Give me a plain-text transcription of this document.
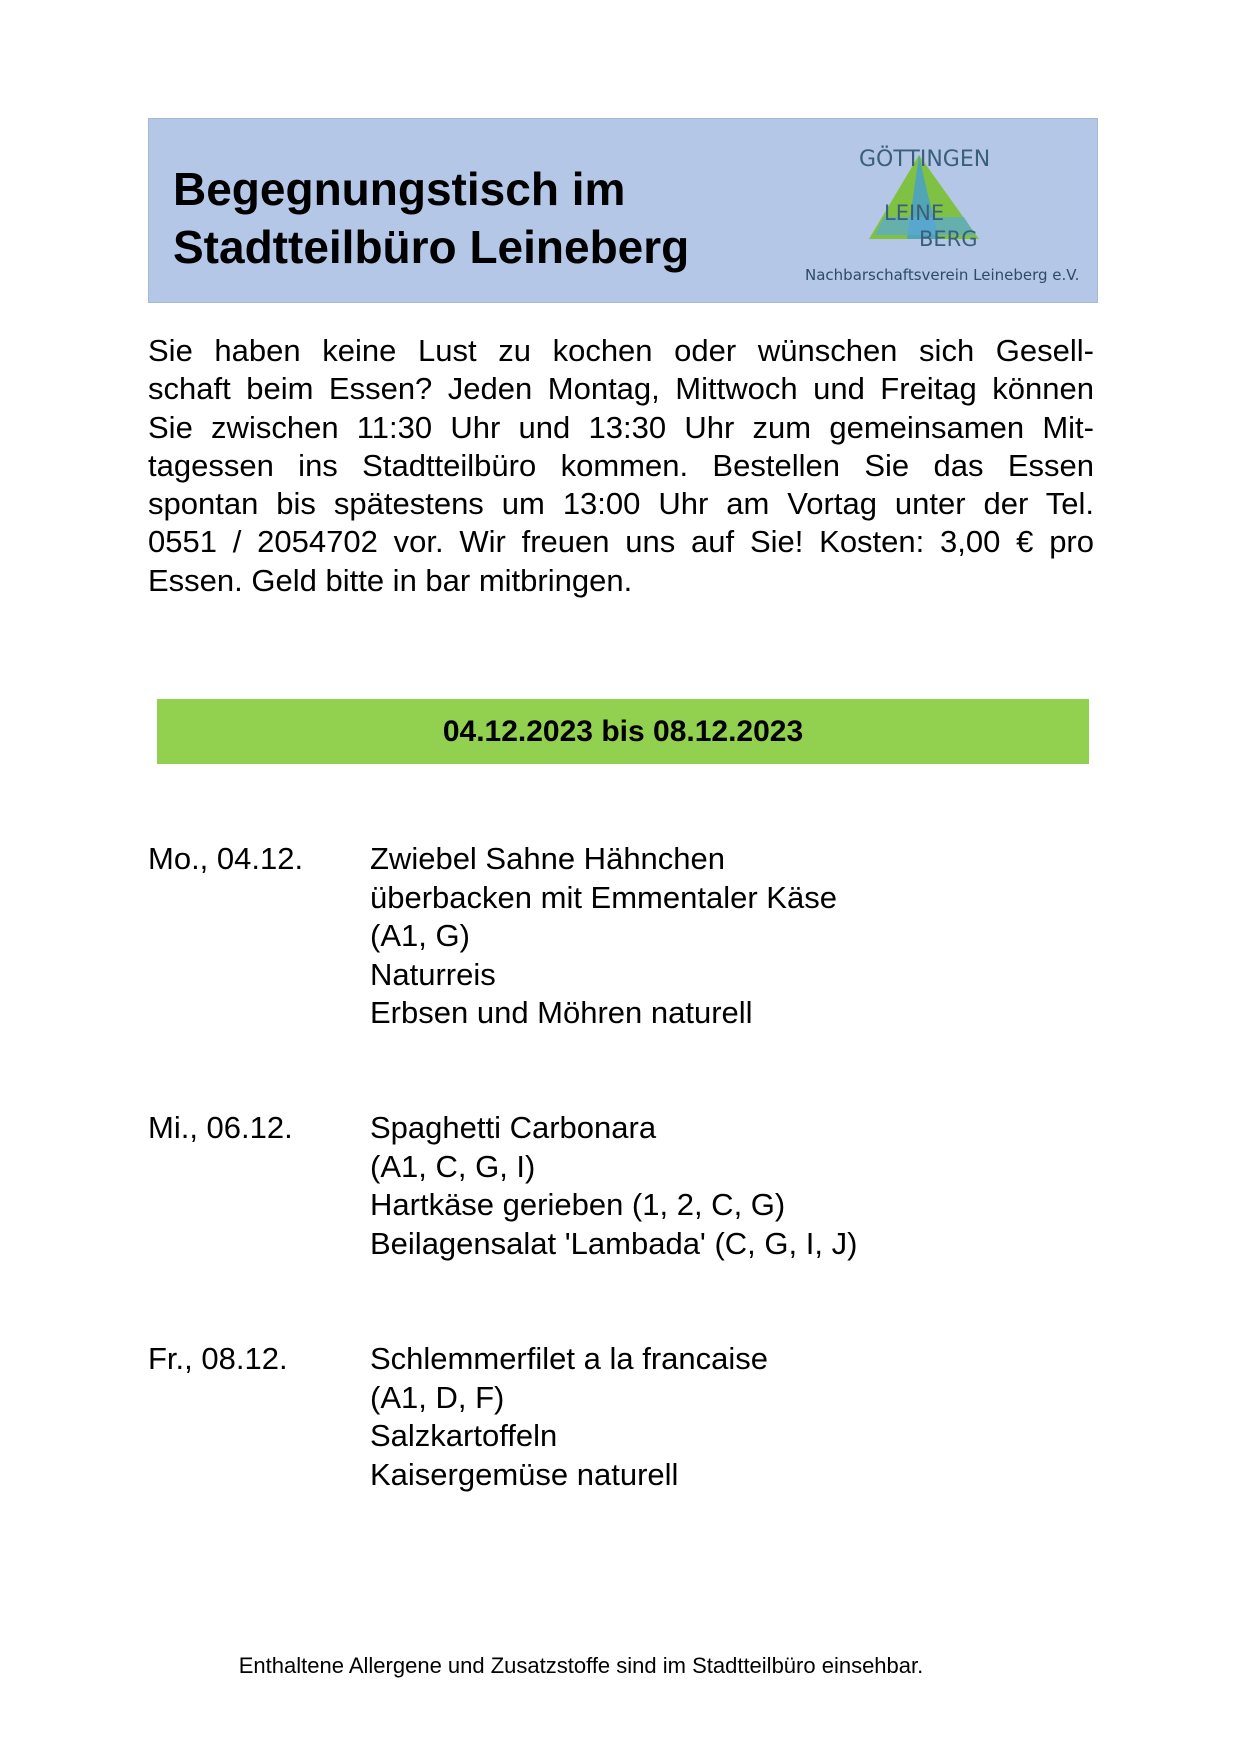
Begegnungstisch im
Stadtteilbüro Leineberg
GÖTTINGEN
LEINE
BERG
Nachbarschaftsverein Leineberg e.V.
Sie haben keine Lust zu kochen oder wünschen sich Gesell-
schaft beim Essen? Jeden Montag, Mittwoch und Freitag können
Sie zwischen 11:30 Uhr und 13:30 Uhr zum gemeinsamen Mit-
tagessen ins Stadtteilbüro kommen. Bestellen Sie das Essen
spontan bis spätestens um 13:00 Uhr am Vortag unter der Tel.
0551 / 2054702 vor. Wir freuen uns auf Sie! Kosten: 3,00 € pro
Essen. Geld bitte in bar mitbringen.
04.12.2023 bis 08.12.2023
Mo., 04.12. Zwiebel Sahne Hähnchen
überbacken mit Emmentaler Käse
(A1, G)
Naturreis
Erbsen und Möhren naturell
Mi., 06.12. Spaghetti Carbonara
(A1, C, G, I)
Hartkäse gerieben (1, 2, C, G)
Beilagensalat 'Lambada' (C, G, I, J)
Fr., 08.12.	Schlemmerfilet a la francaise
(A1, D, F)
Salzkartoffeln
Kaisergemüse naturell
Enthaltene Allergene und Zusatzstoffe sind im Stadtteilbüro einsehbar.
